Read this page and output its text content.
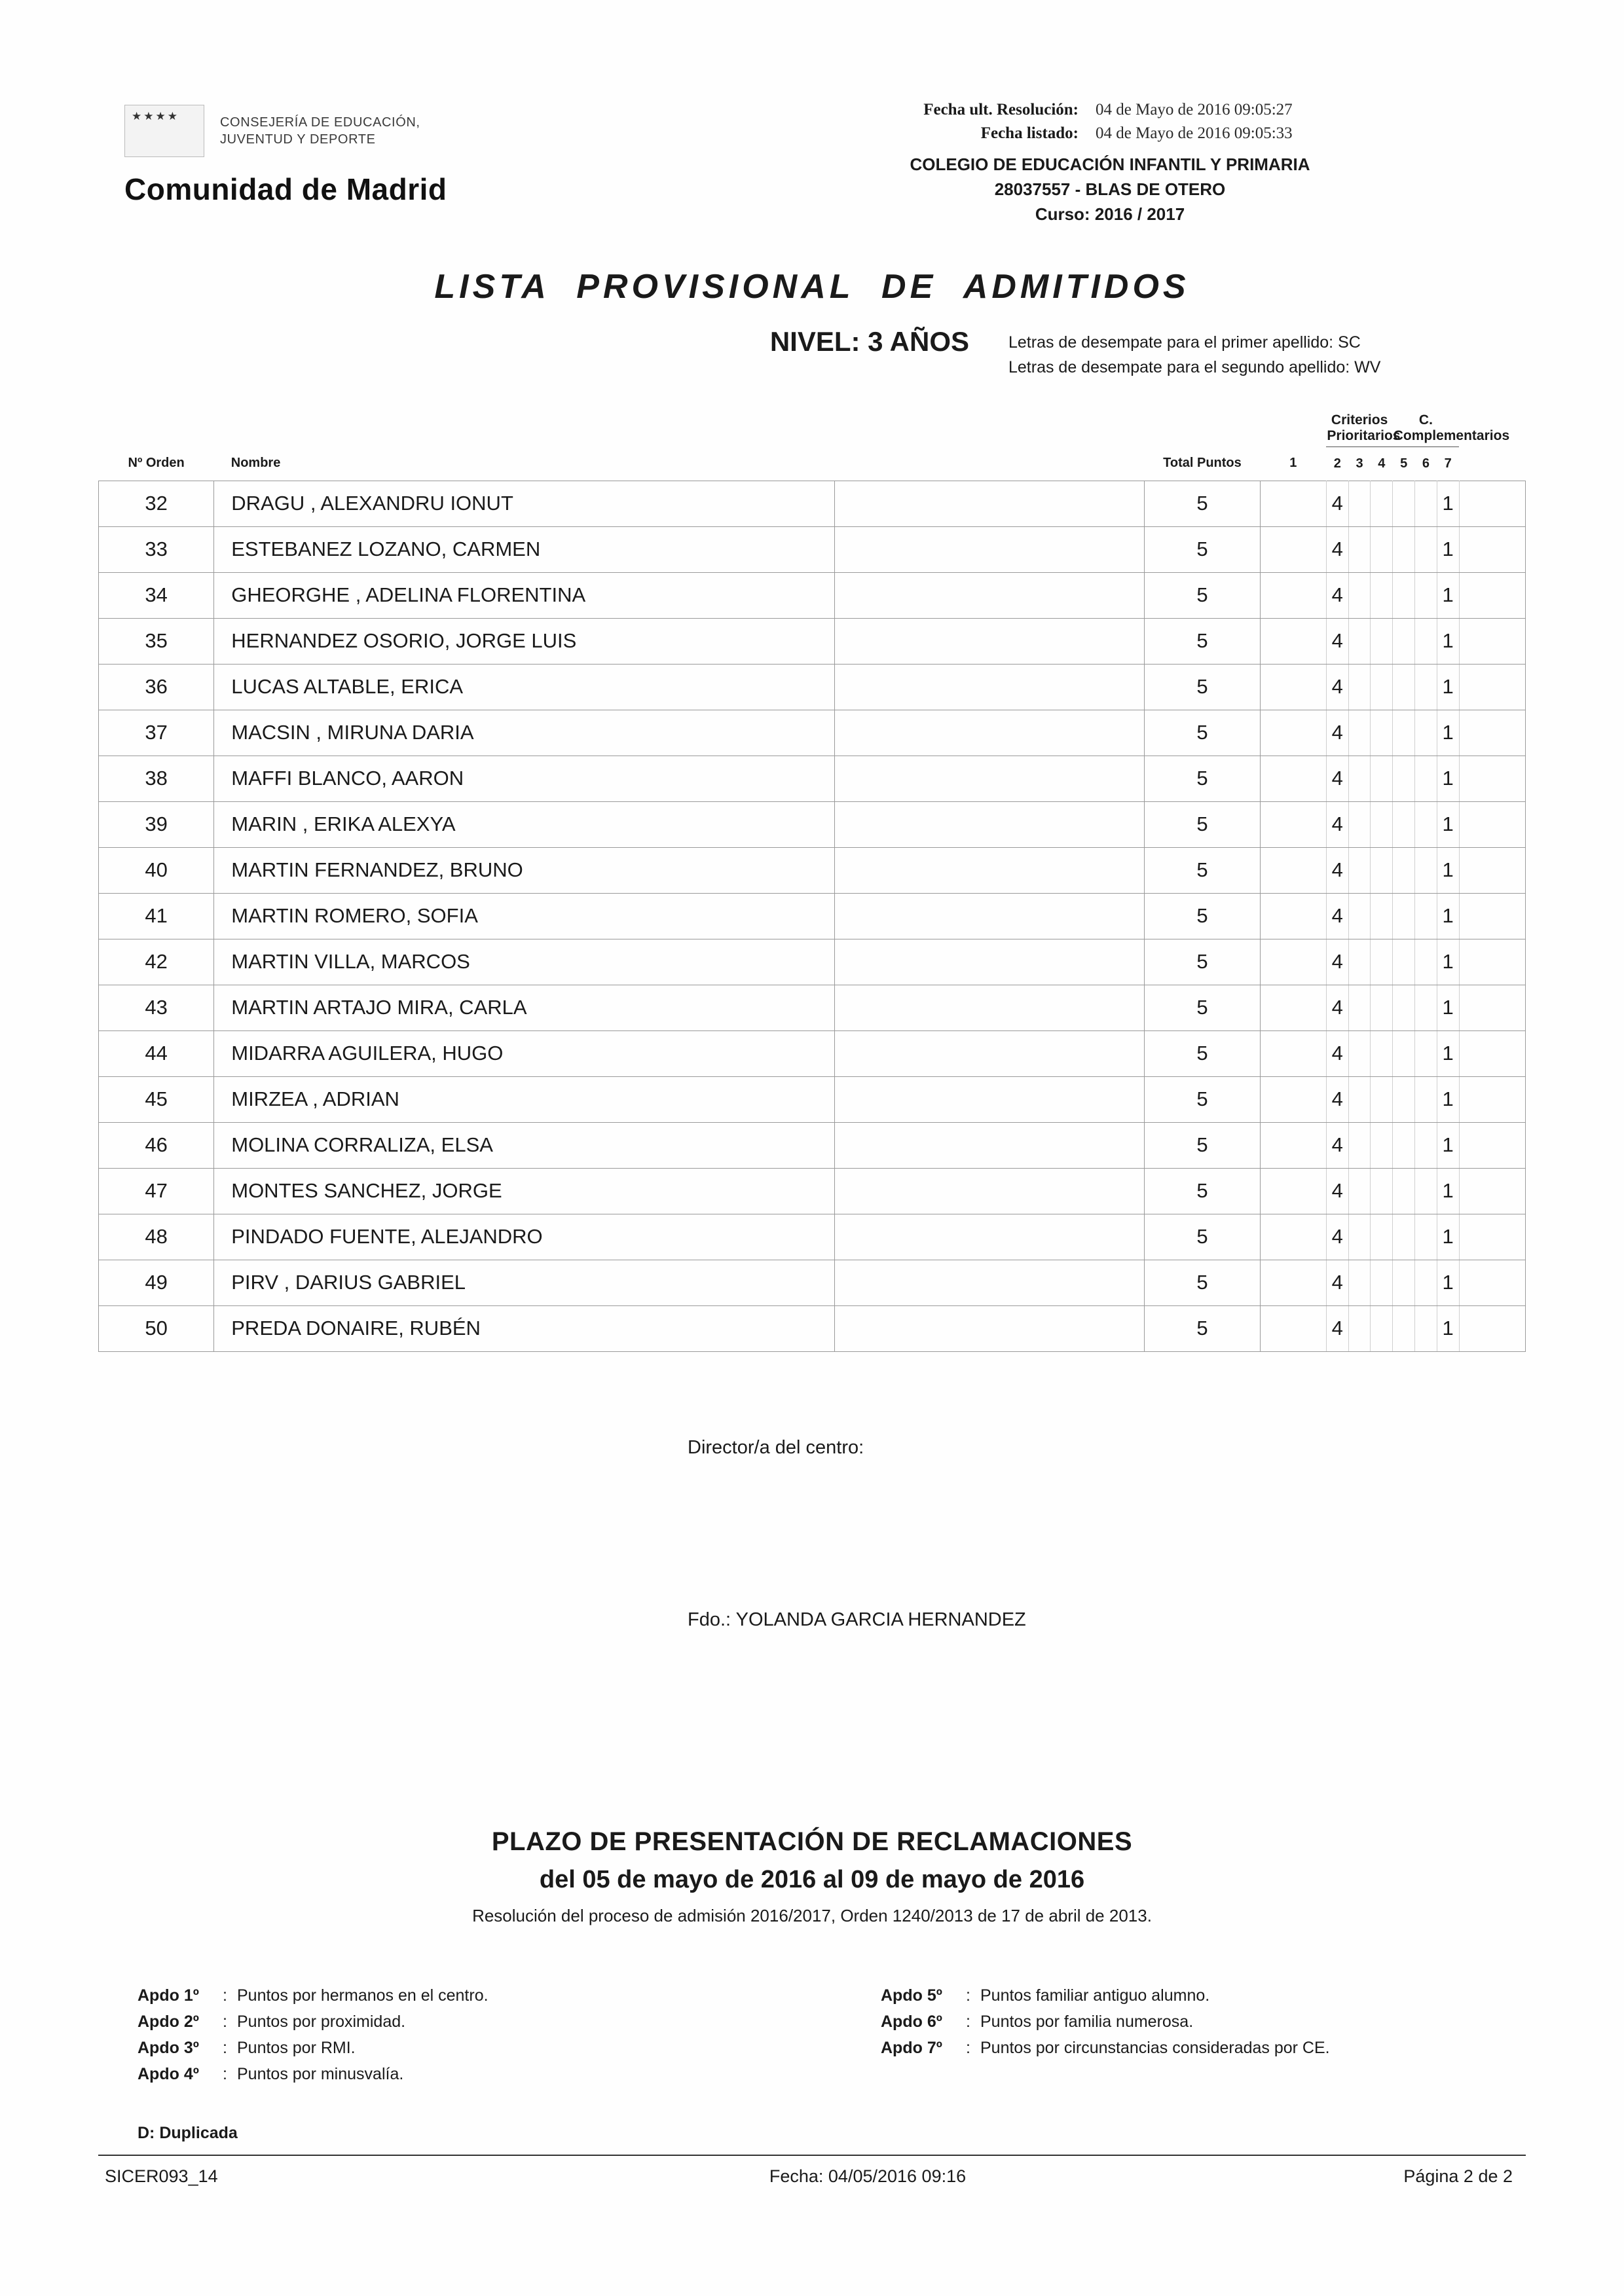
★★★★	CONSEJERÍA DE EDUCACIÓN,
JUVENTUD Y DEPORTE
Comunidad de Madrid
Fecha ult. Resolución: 04 de Mayo de 2016 09:05:27
Fecha listado: 04 de Mayo de 2016 09:05:33
COLEGIO DE EDUCACIÓN INFANTIL Y PRIMARIA
28037557 - BLAS DE OTERO
Curso: 2016 / 2017
LISTA PROVISIONAL DE ADMITIDOS
NIVEL: 3 AÑOS Letras de desempate para el primer apellido: SC
Letras de desempate para el segundo apellido: WV
					Criterios Prioritarios			C. Complementarios			
Nº Orden	Nombre		Total Puntos	1	2	3	4	5	6	7	
32	DRAGU , ALEXANDRU IONUT		5		4					1	
33	ESTEBANEZ LOZANO, CARMEN		5		4					1	
34	GHEORGHE , ADELINA FLORENTINA		5		4					1	
35	HERNANDEZ OSORIO, JORGE LUIS		5		4					1	
36	LUCAS ALTABLE, ERICA		5		4					1	
37	MACSIN , MIRUNA DARIA		5		4					1	
38	MAFFI BLANCO, AARON		5		4					1	
39	MARIN , ERIKA ALEXYA		5		4					1	
40	MARTIN FERNANDEZ, BRUNO		5		4					1	
41	MARTIN ROMERO, SOFIA		5		4					1	
42	MARTIN VILLA, MARCOS		5		4					1	
43	MARTIN ARTAJO MIRA, CARLA		5		4					1	
44	MIDARRA AGUILERA, HUGO		5		4					1	
45	MIRZEA , ADRIAN		5		4					1	
46	MOLINA CORRALIZA, ELSA		5		4					1	
47	MONTES SANCHEZ, JORGE		5		4					1	
48	PINDADO FUENTE, ALEJANDRO		5		4					1	
49	PIRV , DARIUS GABRIEL		5		4					1	
50	PREDA DONAIRE, RUBÉN		5		4					1	
Director/a del centro:
Fdo.: YOLANDA GARCIA HERNANDEZ
PLAZO DE PRESENTACIÓN DE RECLAMACIONES
del 05 de mayo de 2016 al 09 de mayo de 2016

Resolución del proceso de admisión 2016/2017, Orden 1240/2013 de 17 de abril de 2013.

Apdo 1º	: Puntos por hermanos en el centro.
Apdo 2º	: Puntos por proximidad.
Apdo 3º	: Puntos por RMI.
Apdo 4º	: Puntos por minusvalía.
Apdo 5º	: Puntos familiar antiguo alumno.
Apdo 6º	: Puntos por familia numerosa.
Apdo 7º	: Puntos por circunstancias consideradas por CE.
D: Duplicada
SICER093_14	Fecha: 04/05/2016 09:16	Página 2 de 2
